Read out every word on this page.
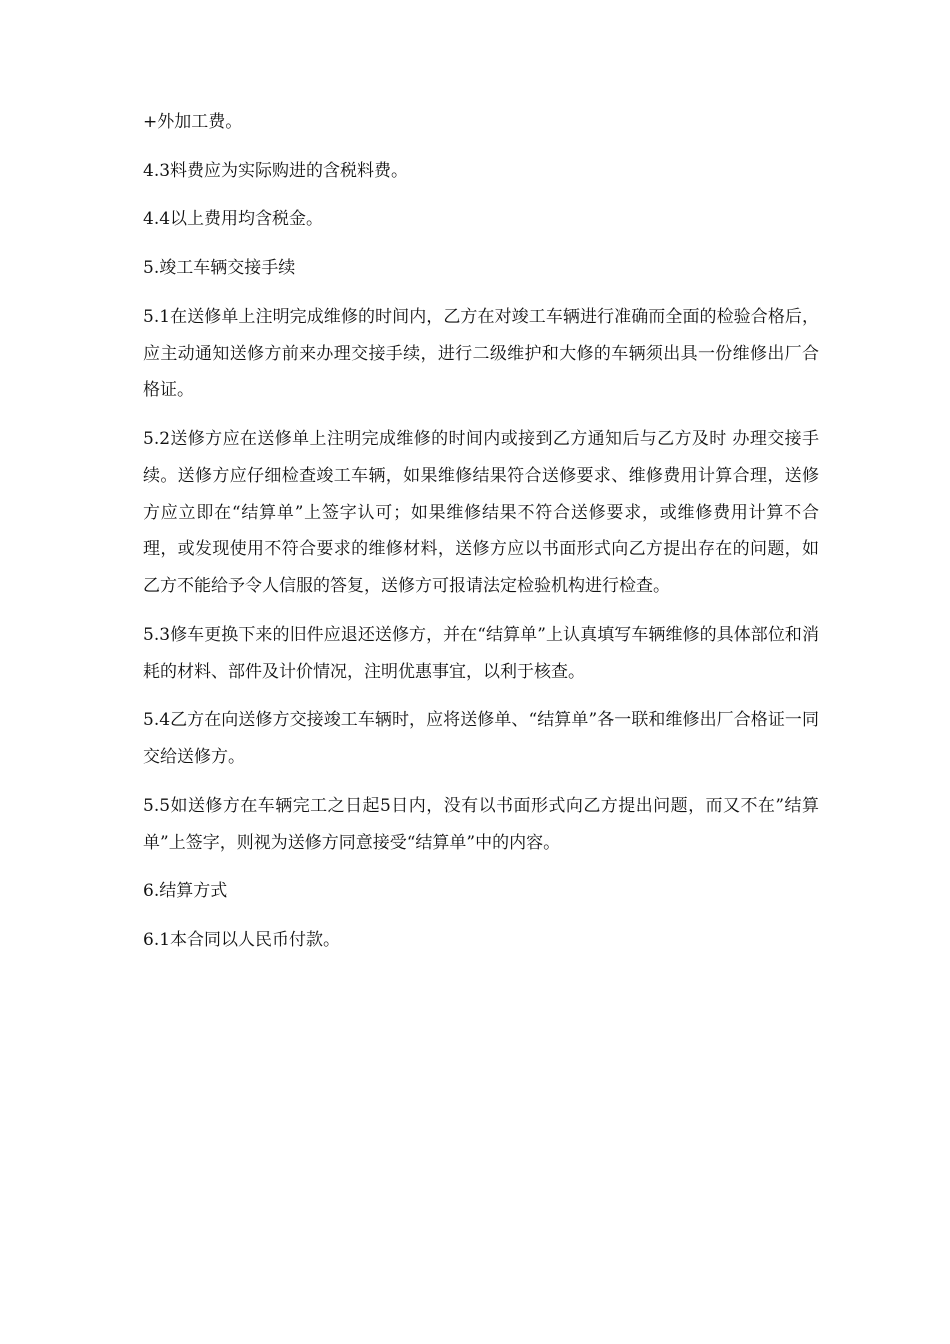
+外加工费。

4.3料费应为实际购进的含税料费。

4.4以上费用均含税金。

5.竣工车辆交接手续

5.1在送修单上注明完成维修的时间内，乙方在对竣工车辆进行准确而全面的检验合格后，应主动通知送修方前来办理交接手续，进行二级维护和大修的车辆须出具一份维修出厂合格证。

5.2送修方应在送修单上注明完成维修的时间内或接到乙方通知后与乙方及时 办理交接手续。送修方应仔细检查竣工车辆，如果维修结果符合送修要求、维修费用计算合理，送修方应立即在“结算单”上签字认可；如果维修结果不符合送修要求，或维修费用计算不合理，或发现使用不符合要求的维修材料，送修方应以书面形式向乙方提出存在的问题，如乙方不能给予令人信服的答复，送修方可报请法定检验机构进行检查。

5.3修车更换下来的旧件应退还送修方，并在“结算单”上认真填写车辆维修的具体部位和消耗的材料、部件及计价情况，注明优惠事宜，以利于核查。

5.4乙方在向送修方交接竣工车辆时，应将送修单、“结算单”各一联和维修出厂合格证一同交给送修方。

5.5如送修方在车辆完工之日起5日内，没有以书面形式向乙方提出问题，而又不在”结算单”上签字，则视为送修方同意接受“结算单”中的内容。

6.结算方式

6.1本合同以人民币付款。
